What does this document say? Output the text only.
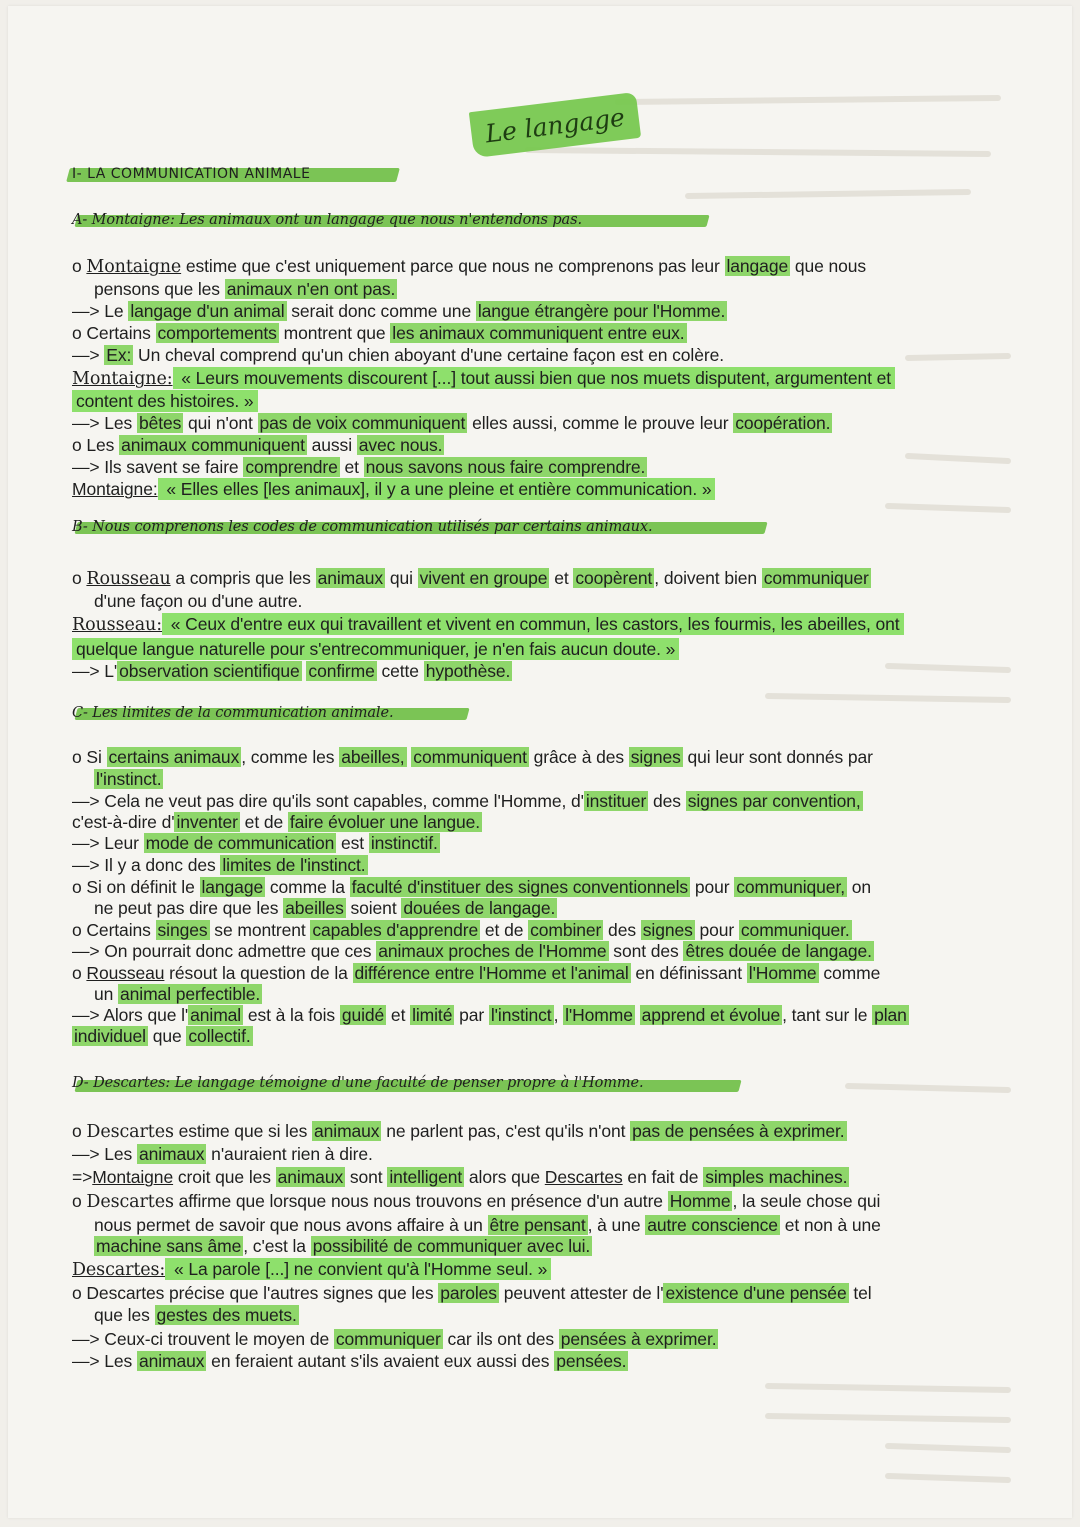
Le langage
I- LA COMMUNICATION ANIMALE
A- Montaigne: Les animaux ont un langage que nous n'entendons pas.
o Montaigne estime que c'est uniquement parce que nous ne comprenons pas leur langage que nous
pensons que les animaux n'en ont pas.
—> Le langage d'un animal serait donc comme une langue étrangère pour l'Homme.
o Certains comportements montrent que les animaux communiquent entre eux.
—> Ex: Un cheval comprend qu'un chien aboyant d'une certaine façon est en colère.
Montaigne: « Leurs mouvements discourent [...] tout aussi bien que nos muets disputent, argumentent et
content des histoires. »
—> Les bêtes qui n'ont pas de voix communiquent elles aussi, comme le prouve leur coopération.
o Les animaux communiquent aussi avec nous.
—> Ils savent se faire comprendre et nous savons nous faire comprendre.
Montaigne: « Elles elles [les animaux], il y a une pleine et entière communication. »
B- Nous comprenons les codes de communication utilisés par certains animaux.
o Rousseau a compris que les animaux qui vivent en groupe et coopèrent , doivent bien communiquer
d'une façon ou d'une autre.
Rousseau: « Ceux d'entre eux qui travaillent et vivent en commun, les castors, les fourmis, les abeilles, ont
quelque langue naturelle pour s'entrecommuniquer, je n'en fais aucun doute. »
—> L' observation scientifique confirme cette hypothèse.
C- Les limites de la communication animale.
o Si certains animaux , comme les abeilles, communiquent grâce à des signes qui leur sont donnés par
l'instinct.
—> Cela ne veut pas dire qu'ils sont capables, comme l'Homme, d' instituer des signes par convention,
c'est-à-dire d' inventer et de faire évoluer une langue.
—> Leur mode de communication est instinctif.
—> Il y a donc des limites de l'instinct.
o Si on définit le langage comme la faculté d'instituer des signes conventionnels pour communiquer, on
ne peut pas dire que les abeilles soient douées de langage.
o Certains singes se montrent capables d'apprendre et de combiner des signes pour communiquer.
—> On pourrait donc admettre que ces animaux proches de l'Homme sont des êtres douée de langage.
o Rousseau résout la question de la différence entre l'Homme et l'animal en définissant l'Homme comme
un animal perfectible.
—> Alors que l' animal est à la fois guidé et limité par l'instinct , l'Homme apprend et évolue , tant sur le plan
individuel que collectif.
D- Descartes: Le langage témoigne d'une faculté de penser propre à l'Homme.
o Descartes estime que si les animaux ne parlent pas, c'est qu'ils n'ont pas de pensées à exprimer.
—> Les animaux n'auraient rien à dire.
=>Montaigne croit que les animaux sont intelligent alors que Descartes en fait de simples machines.
o Descartes affirme que lorsque nous nous trouvons en présence d'un autre Homme , la seule chose qui
nous permet de savoir que nous avons affaire à un être pensant , à une autre conscience et non à une
machine sans âme , c'est la possibilité de communiquer avec lui.
Descartes: « La parole [...] ne convient qu'à l'Homme seul. »
o Descartes précise que l'autres signes que les paroles peuvent attester de l' existence d'une pensée tel
que les gestes des muets.
—> Ceux-ci trouvent le moyen de communiquer car ils ont des pensées à exprimer.
—> Les animaux en feraient autant s'ils avaient eux aussi des pensées.
